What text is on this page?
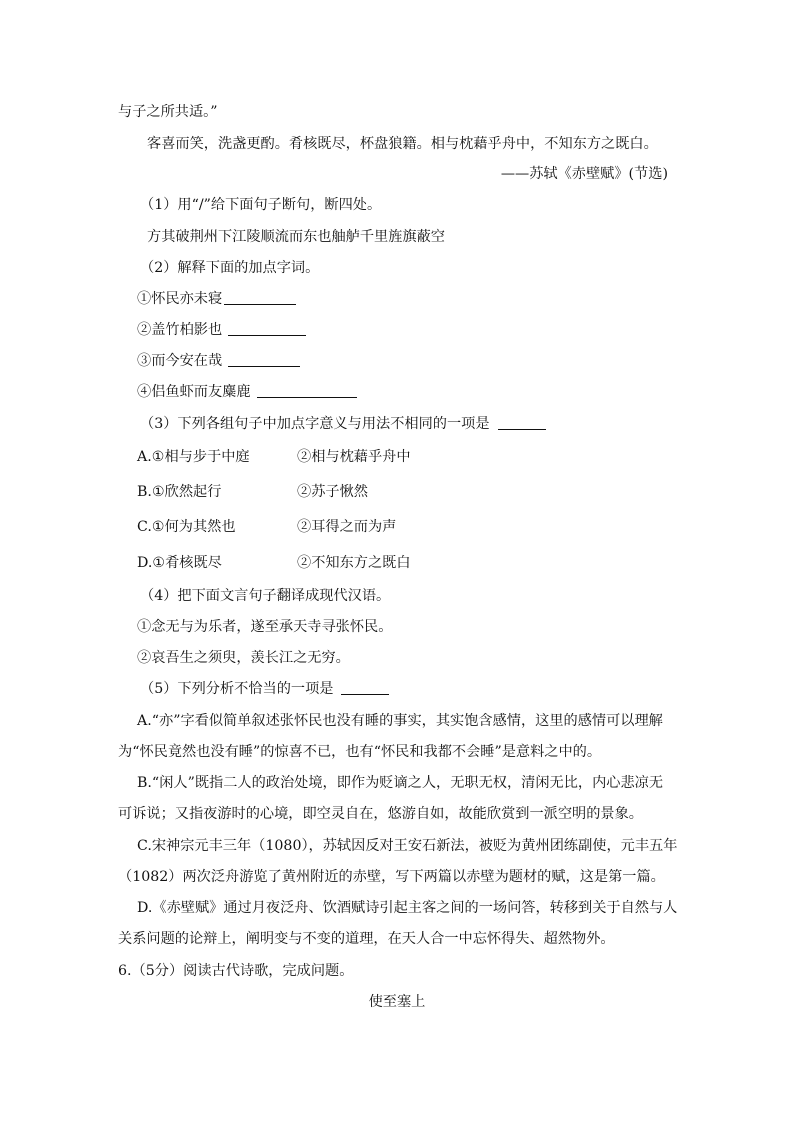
与子之所共适。”
客喜而笑，洗盏更酌。肴核既尽，杯盘狼籍。相与枕藉乎舟中，不知东方之既白。
——苏轼《赤壁赋》(节选)
（1）用“/”给下面句子断句，断四处。
方其破荆州下江陵顺流而东也舳舻千里旌旗蔽空
（2）解释下面的加点字词。
①怀民亦未寝
②盖竹柏影也
③而今安在哉
④侣鱼虾而友麋鹿
（3）下列各组句子中加点字意义与用法不相同的一项是
A.①相与步于中庭	②相与枕藉乎舟中
B.①欣然起行	②苏子愀然
C.①何为其然也	②耳得之而为声
D.①肴核既尽	②不知东方之既白
（4）把下面文言句子翻译成现代汉语。
①念无与为乐者，遂至承天寺寻张怀民。
②哀吾生之须臾，羡长江之无穷。
（5）下列分析不恰当的一项是
A.“亦”字看似简单叙述张怀民也没有睡的事实，其实饱含感情，这里的感情可以理解
为“怀民竟然也没有睡”的惊喜不已，也有“怀民和我都不会睡”是意料之中的。
B.“闲人”既指二人的政治处境，即作为贬谪之人，无职无权，清闲无比，内心悲凉无
可诉说；又指夜游时的心境，即空灵自在，悠游自如，故能欣赏到一派空明的景象。
C.宋神宗元丰三年（1080），苏轼因反对王安石新法，被贬为黄州团练副使，元丰五年
（1082）两次泛舟游览了黄州附近的赤壁，写下两篇以赤壁为题材的赋，这是第一篇。
D.《赤壁赋》通过月夜泛舟、饮酒赋诗引起主客之间的一场问答，转移到关于自然与人
关系问题的论辩上，阐明变与不变的道理，在天人合一中忘怀得失、超然物外。
6.（5分）阅读古代诗歌，完成问题。
使至塞上
